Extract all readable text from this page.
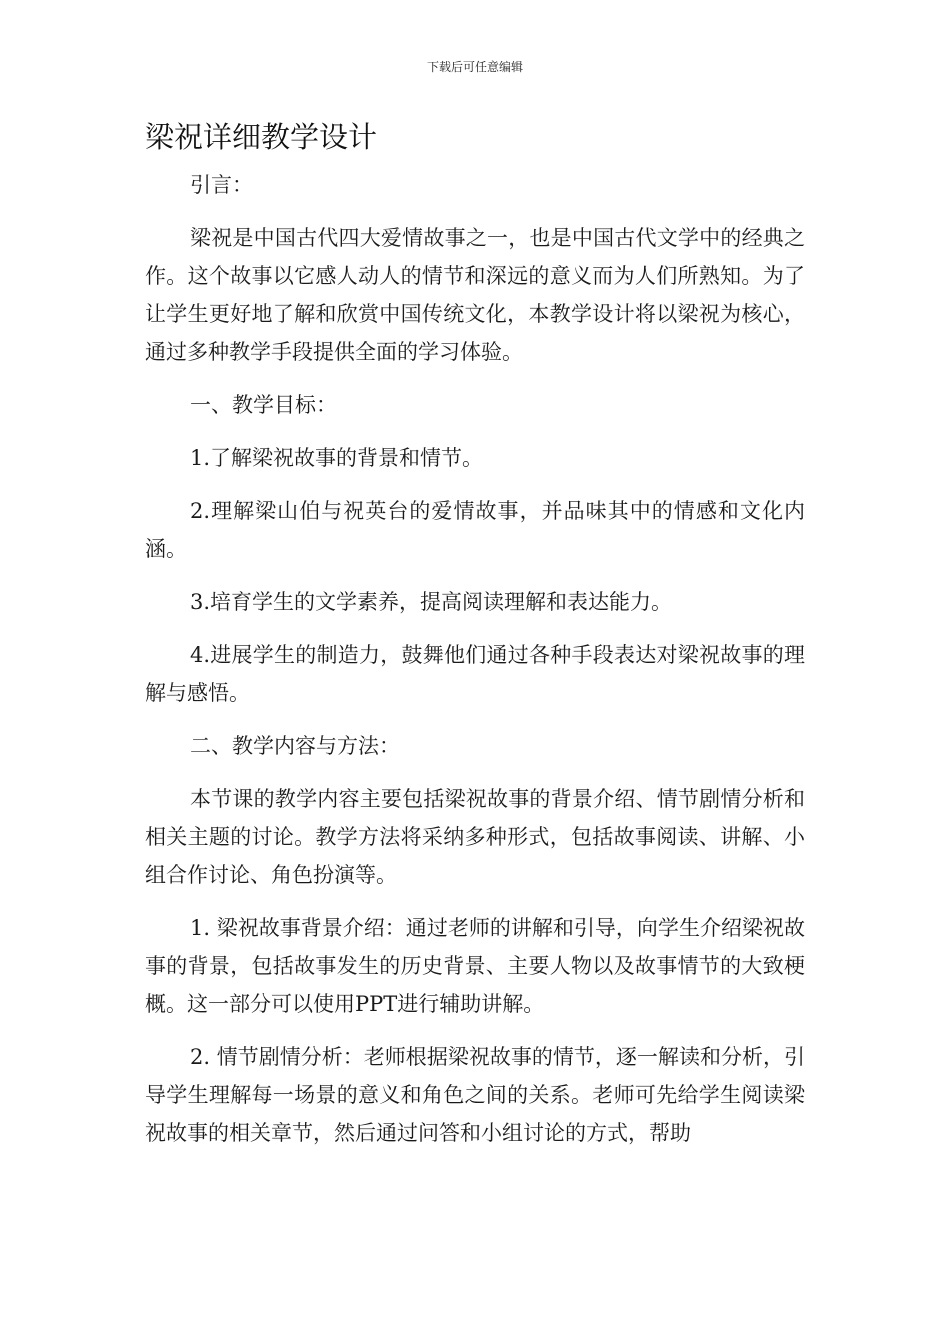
下载后可任意编辑
梁祝详细教学设计

引言：

梁祝是中国古代四大爱情故事之一，也是中国古代文学中的经典之作。这个故事以它感人动人的情节和深远的意义而为人们所熟知。为了让学生更好地了解和欣赏中国传统文化，本教学设计将以梁祝为核心，通过多种教学手段提供全面的学习体验。

一、教学目标：

1.了解梁祝故事的背景和情节。

2.理解梁山伯与祝英台的爱情故事，并品味其中的情感和文化内涵。

3.培育学生的文学素养，提高阅读理解和表达能力。

4.进展学生的制造力，鼓舞他们通过各种手段表达对梁祝故事的理解与感悟。

二、教学内容与方法：

本节课的教学内容主要包括梁祝故事的背景介绍、情节剧情分析和相关主题的讨论。教学方法将采纳多种形式，包括故事阅读、讲解、小组合作讨论、角色扮演等。

1. 梁祝故事背景介绍：通过老师的讲解和引导，向学生介绍梁祝故事的背景，包括故事发生的历史背景、主要人物以及故事情节的大致梗概。这一部分可以使用PPT进行辅助讲解。

2. 情节剧情分析：老师根据梁祝故事的情节，逐一解读和分析，引导学生理解每一场景的意义和角色之间的关系。老师可先给学生阅读梁祝故事的相关章节，然后通过问答和小组讨论的方式，帮助
